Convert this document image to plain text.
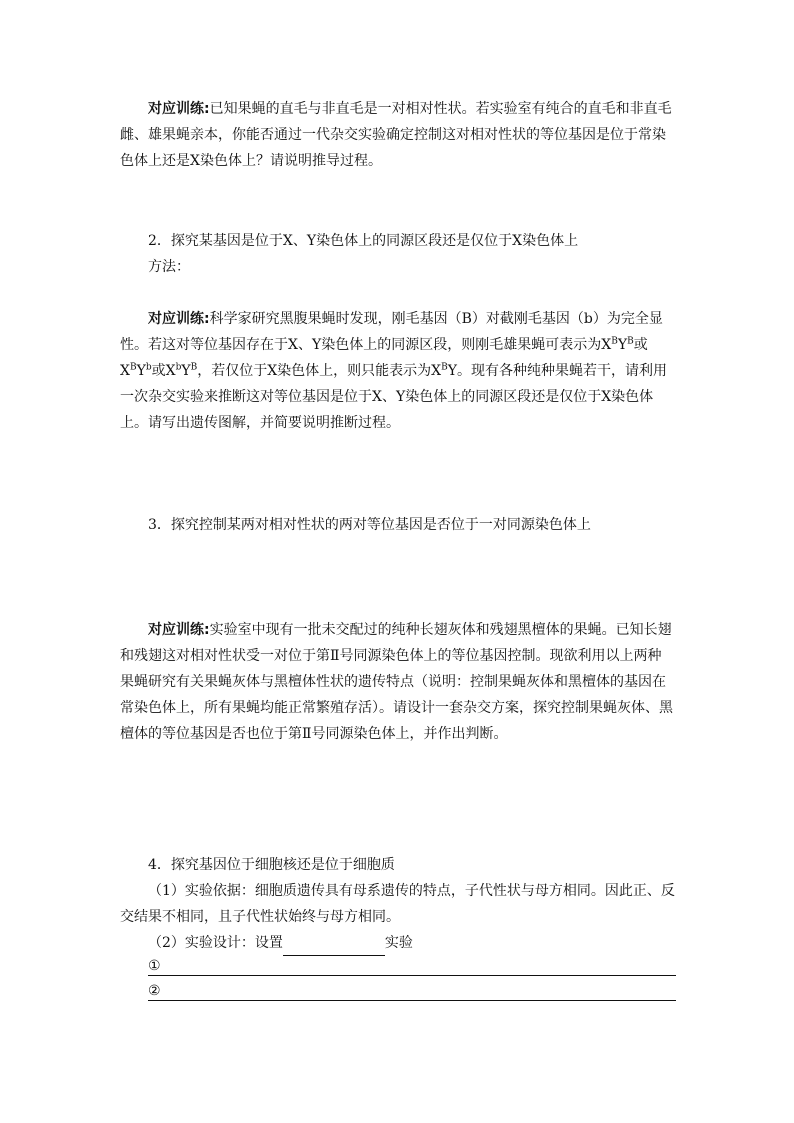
对应训练:已知果蝇的直毛与非直毛是一对相对性状。若实验室有纯合的直毛和非直毛雌、雄果蝇亲本，你能否通过一代杂交实验确定控制这对相对性状的等位基因是位于常染色体上还是X染色体上？请说明推导过程。
2．探究某基因是位于X、Y染色体上的同源区段还是仅位于X染色体上
方法：
对应训练:科学家研究黑腹果蝇时发现，刚毛基因（B）对截刚毛基因（b）为完全显性。若这对等位基因存在于X、Y染色体上的同源区段，则刚毛雄果蝇可表示为$X^BY^B$或$X^BY^b$或$X^bY^B$，若仅位于X染色体上，则只能表示为$X^BY$。现有各种纯种果蝇若干，请利用一次杂交实验来推断这对等位基因是位于X、Y染色体上的同源区段还是仅位于X染色体上。请写出遗传图解，并简要说明推断过程。
3．探究控制某两对相对性状的两对等位基因是否位于一对同源染色体上
对应训练:实验室中现有一批未交配过的纯种长翅灰体和残翅黑檀体的果蝇。已知长翅和残翅这对相对性状受一对位于第Ⅱ号同源染色体上的等位基因控制。现欲利用以上两种果蝇研究有关果蝇灰体与黑檀体性状的遗传特点（说明：控制果蝇灰体和黑檀体的基因在常染色体上，所有果蝇均能正常繁殖存活）。请设计一套杂交方案，探究控制果蝇灰体、黑檀体的等位基因是否也位于第Ⅱ号同源染色体上，并作出判断。
4．探究基因位于细胞核还是位于细胞质
（1）实验依据：细胞质遗传具有母系遗传的特点，子代性状与母方相同。因此正、反交结果不相同，且子代性状始终与母方相同。
（2）实验设计：设置	实验
①
②
